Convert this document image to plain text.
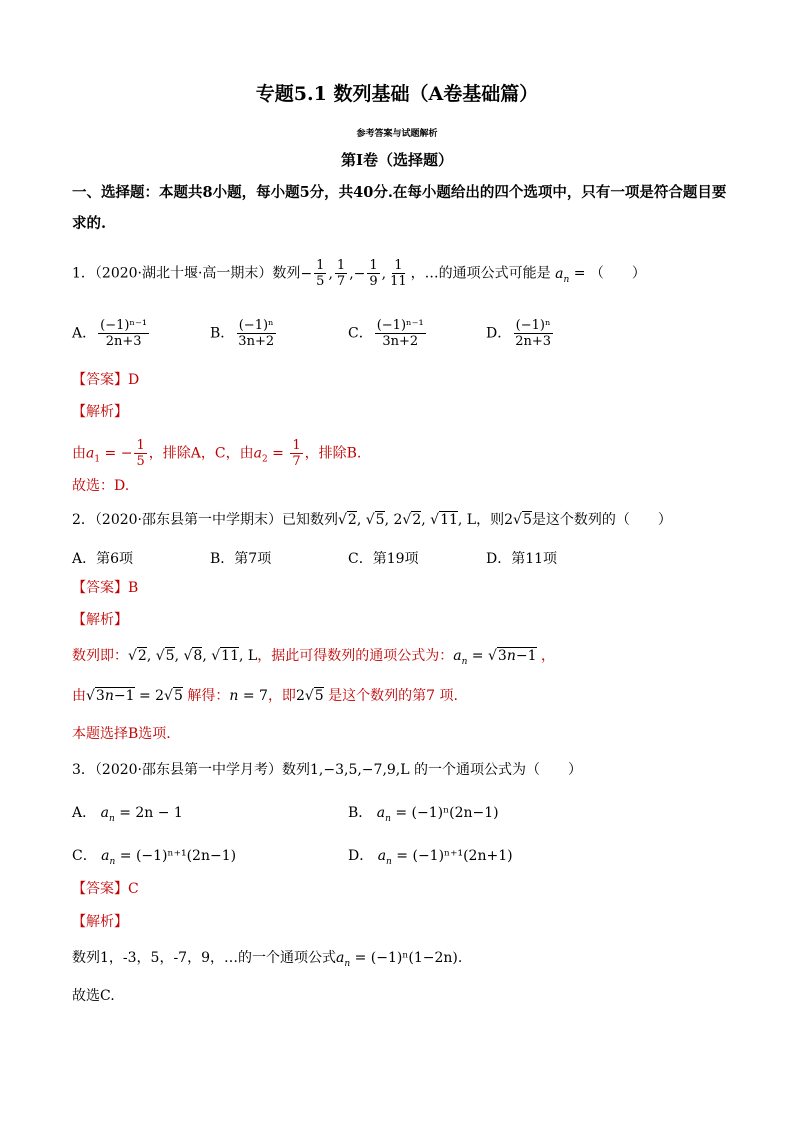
专题5.1 数列基础（A卷基础篇）
参考答案与试题解析
第I卷（选择题）
一、选择题：本题共8小题，每小题5分，共40分.在每小题给出的四个选项中，只有一项是符合题目要
求的.
1．（2020·湖北十堰·高一期末）数列− $\frac{1}{5}$ , $\frac{1}{7}$ ,− $\frac{1}{9}$ , $\frac{1}{11}$ ，…的通项公式可能是 $a_n$ = （　　）
A． $\frac{\text{(−1)ⁿ⁻¹}}{2n+3}$	B． $\frac{\text{(−1)ⁿ}}{3n+2}$	C． $\frac{\text{(−1)ⁿ⁻¹}}{3n+2}$	D． $\frac{\text{(−1)ⁿ}}{2n+3}$
【答案】D
【解析】
由$a_1$ = − $\frac{1}{5}$ ，排除A，C，由$a_2 = \frac{1}{7}$ ，排除B.
故选：D.
2．（2020·邵东县第一中学期末）已知数列√2, √5, 2√2, √11, L，则2√5是这个数列的（　　）
A．第6项	B．第7项	C．第19项	D．第11项
【答案】B
【解析】
数列即：√2, √5, √8, √11, L，据此可得数列的通项公式为：$a_n = √3n-1$ ，
由√3n−1 = 2√5 解得：n = 7，即2√5 是这个数列的第7 项.
本题选择B选项.
3．（2020·邵东县第一中学月考）数列1,−3,5,−7,9,L 的一个通项公式为（　　）
A． $a_n = 2n - 1$	B． $a_n = (-1)^n(2n-1)$
C． $a_n = (-1)^{n+1}(2n-1)$	D． $a_n = (-1)^{n+1}(2n+1)$
【答案】C
【解析】
数列1，-3，5，-7，9，…的一个通项公式$a_n = (-1)^n(1-2n)$.
故选C.
